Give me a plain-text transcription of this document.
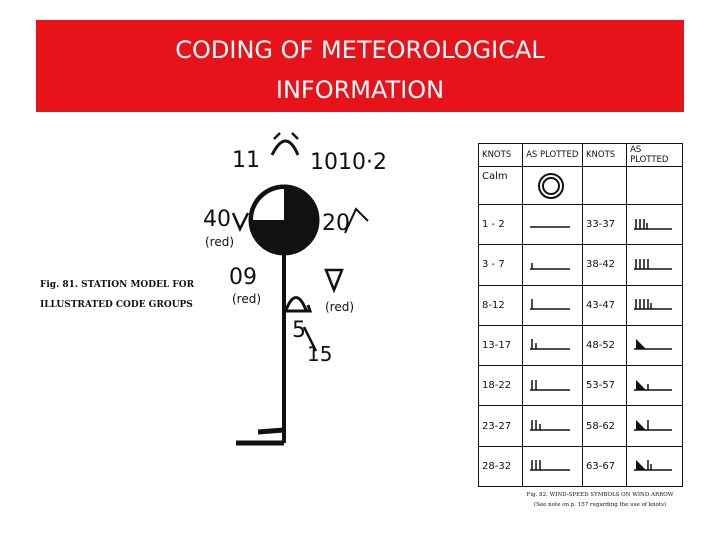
CODING OF METEOROLOGICAL
INFORMATION
Fig. 81. STATION MODEL FOR
ILLUSTRATED CODE GROUPS
11 1010·2
40
(red)
20
09
(red)
(red)
5
15
KNOTS	AS PLOTTED	KNOTS	AS PLOTTED
Calm	

1 - 2		33-37	

3 - 7		38-42	

8-12		43-47	

13-17		48-52	

18-22		53-57	

23-27		58-62	

28-32		63-67	
Fig. 82. WIND-SPEED SYMBOLS ON WIND ARROW
(See note on p. 157 regarding the use of knots)
